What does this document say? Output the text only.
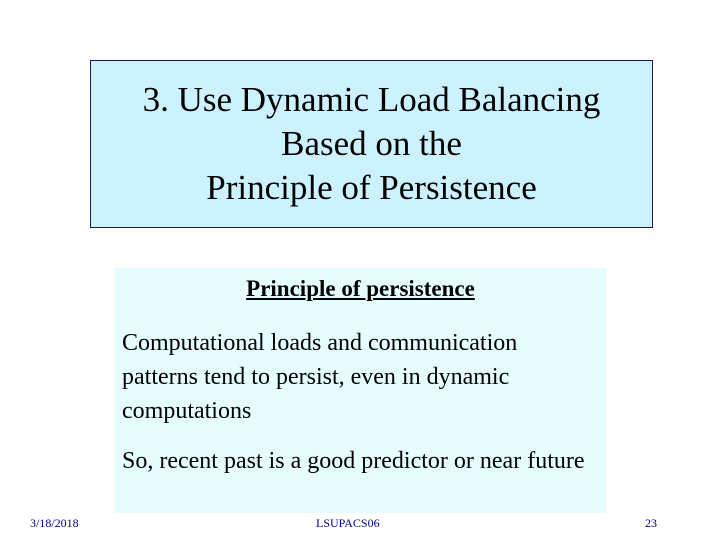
3. Use Dynamic Load Balancing
Based on the
Principle of Persistence
Principle of persistence
Computational loads and communication patterns tend to persist, even in dynamic computations
So, recent past is a good predictor or near future
3/18/2018	LSUPACS06	23
